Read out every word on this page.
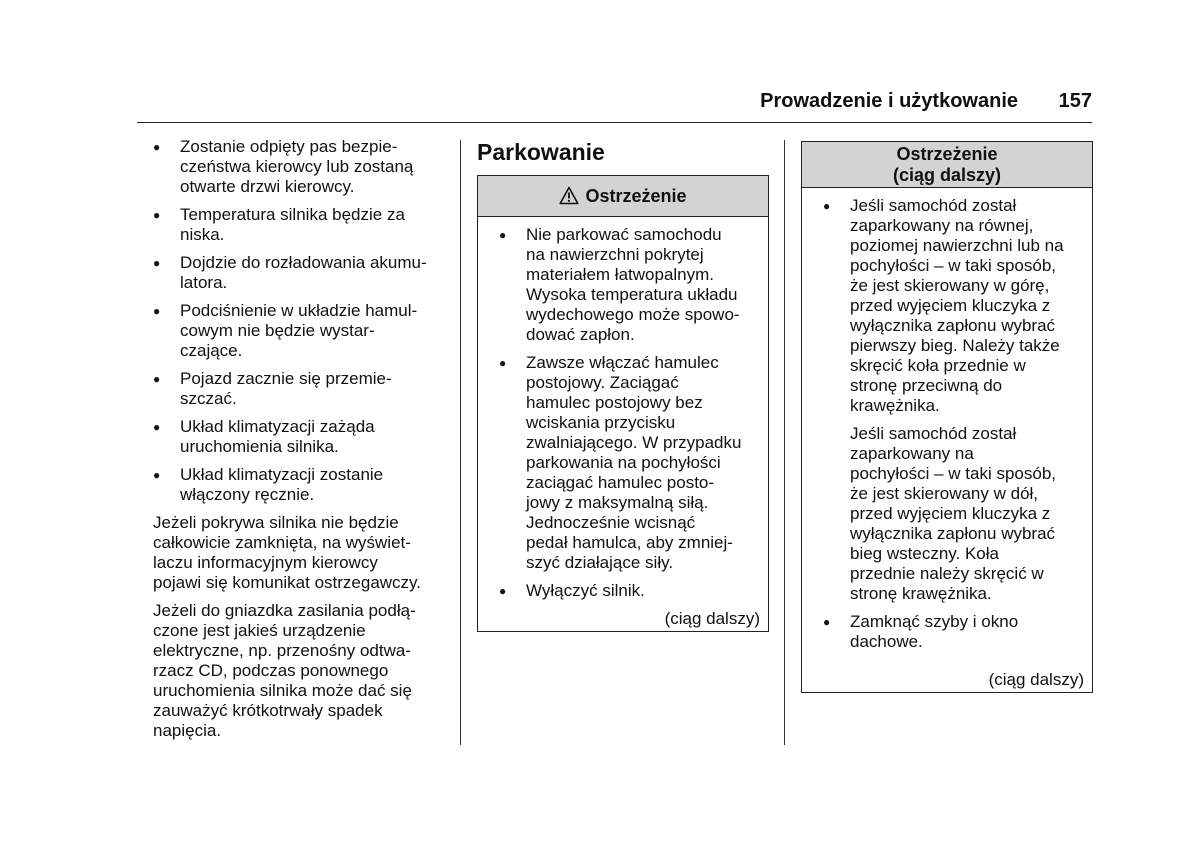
Prowadzenie i użytkowanie	157
● Zostanie odpięty pas bezpie-
czeństwa kierowcy lub zostaną
otwarte drzwi kierowcy.
● Temperatura silnika będzie za
niska.
● Dojdzie do rozładowania akumu-
latora.
● Podciśnienie w układzie hamul-
cowym nie będzie wystar-
czające.
● Pojazd zacznie się przemie-
szczać.
● Układ klimatyzacji zażąda
uruchomienia silnika.
● Układ klimatyzacji zostanie
włączony ręcznie.

Jeżeli pokrywa silnika nie będzie
całkowicie zamknięta, na wyświet-
laczu informacyjnym kierowcy
pojawi się komunikat ostrzegawczy.

Jeżeli do gniazdka zasilania podłą-
czone jest jakieś urządzenie
elektryczne, np. przenośny odtwa-
rzacz CD, podczas ponownego
uruchomienia silnika może dać się
zauważyć krótkotrwały spadek
napięcia.

Parkowanie
Ostrzeżenie
● Nie parkować samochodu
na nawierzchni pokrytej
materiałem łatwopalnym.
Wysoka temperatura układu
wydechowego może spowo-
dować zapłon.
● Zawsze włączać hamulec
postojowy. Zaciągać
hamulec postojowy bez
wciskania przycisku
zwalniającego. W przypadku
parkowania na pochyłości
zaciągać hamulec posto-
jowy z maksymalną siłą.
Jednocześnie wcisnąć
pedał hamulca, aby zmniej-
szyć działające siły.
● Wyłączyć silnik.
(ciąg dalszy)
Ostrzeżenie
(ciąg dalszy)
● Jeśli samochód został
zaparkowany na równej,
poziomej nawierzchni lub na
pochyłości – w taki sposób,
że jest skierowany w górę,
przed wyjęciem kluczyka z
wyłącznika zapłonu wybrać
pierwszy bieg. Należy także
skręcić koła przednie w
stronę przeciwną do
krawężnika.
Jeśli samochód został
zaparkowany na
pochyłości – w taki sposób,
że jest skierowany w dół,
przed wyjęciem kluczyka z
wyłącznika zapłonu wybrać
bieg wsteczny. Koła
przednie należy skręcić w
stronę krawężnika.
● Zamknąć szyby i okno
dachowe.
(ciąg dalszy)
